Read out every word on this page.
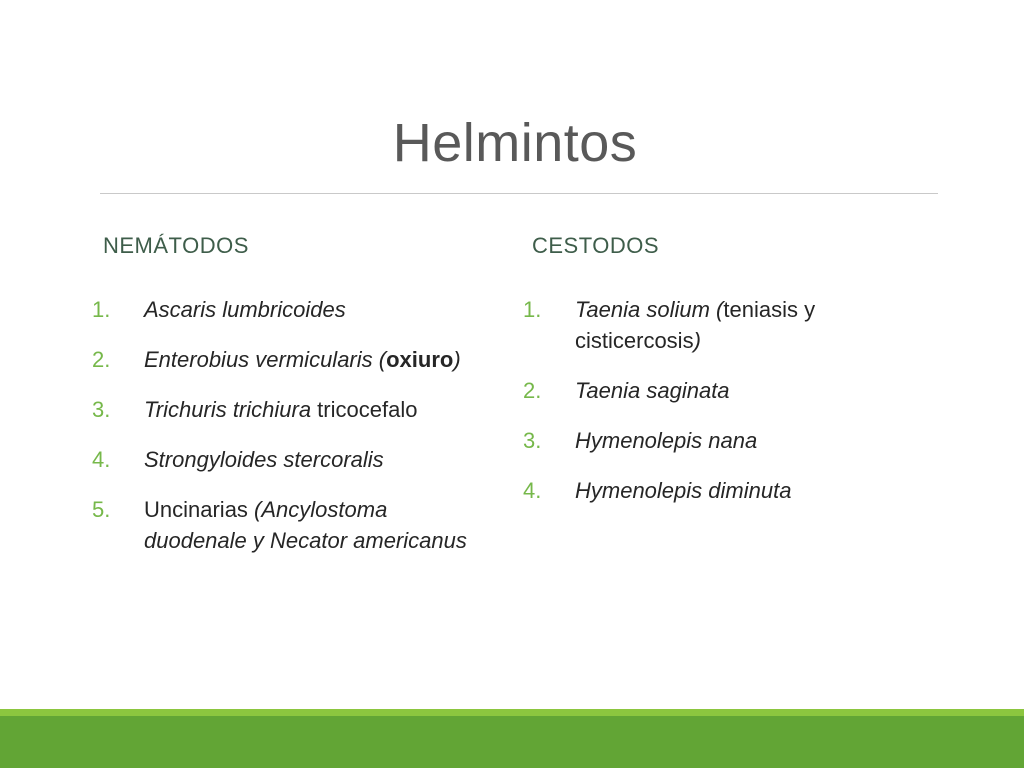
Helmintos
NEMÁTODOS	CESTODOS
1. Ascaris lumbricoides
2. Enterobius vermicularis (oxiuro)
3. Trichuris trichiura tricocefalo
4. Strongyloides stercoralis
5. Uncinarias (Ancylostoma duodenale y Necator americanus
1. Taenia solium (teniasis y cisticercosis)
2. Taenia saginata
3. Hymenolepis nana
4. Hymenolepis diminuta
